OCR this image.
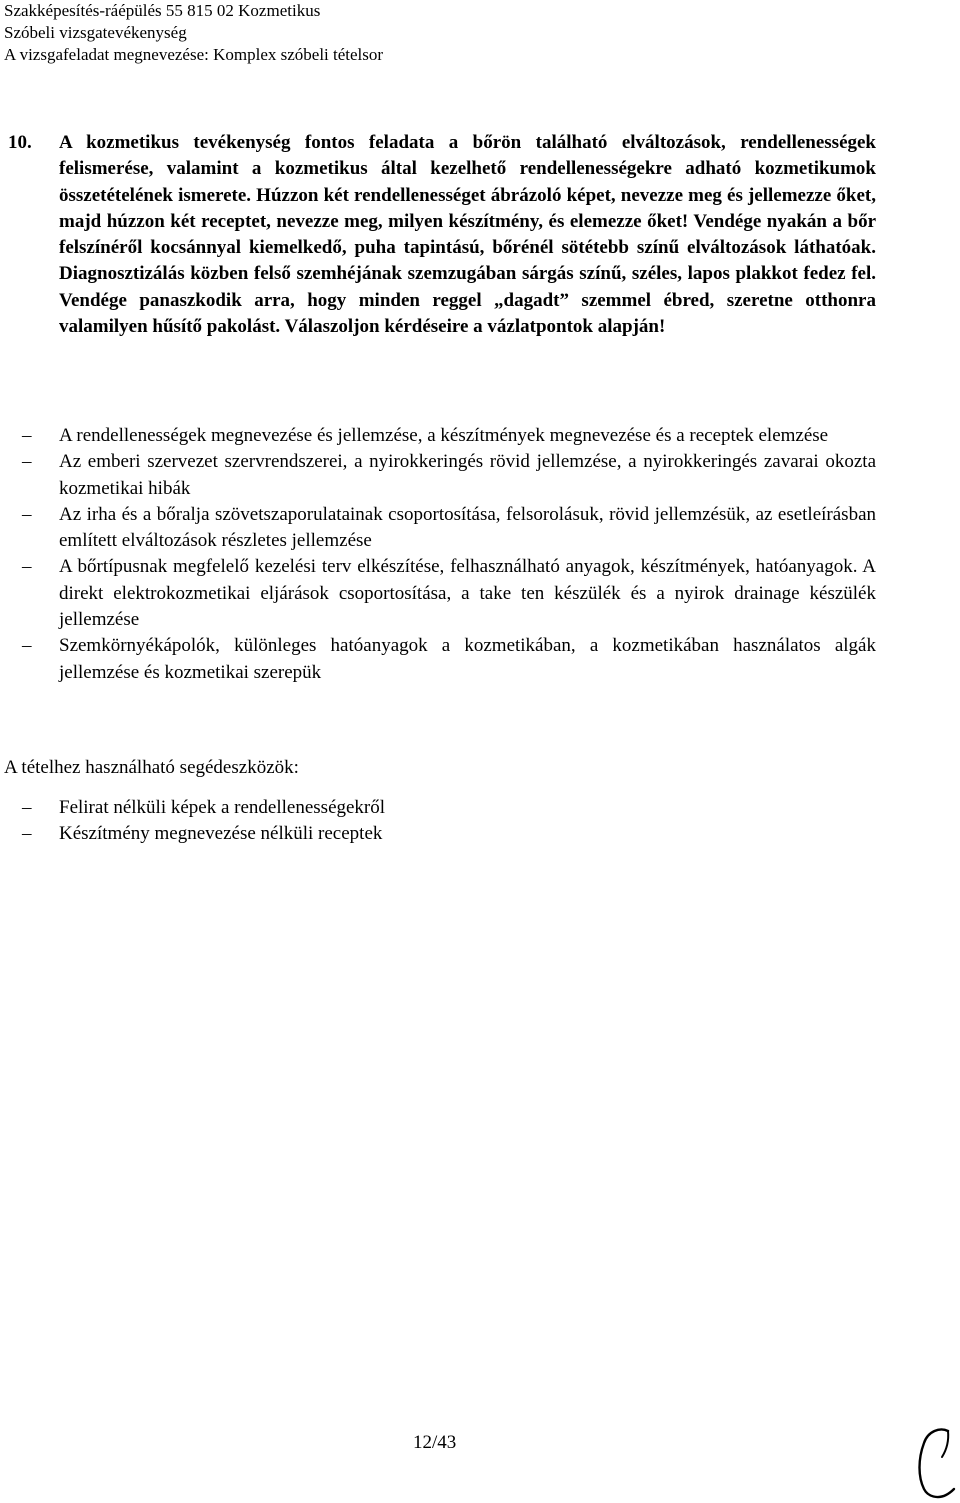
Szakképesítés-ráépülés 55 815 02 Kozmetikus
Szóbeli vizsgatevékenység
A vizsgafeladat megnevezése: Komplex szóbeli tételsor
10. A kozmetikus tevékenység fontos feladata a bőrön található elváltozások, rendellenességek felismerése, valamint a kozmetikus által kezelhető rendellenességekre adható kozmetikumok összetételének ismerete. Húzzon két rendellenességet ábrázoló képet, nevezze meg és jellemezze őket, majd húzzon két receptet, nevezze meg, milyen készítmény, és elemezze őket! Vendége nyakán a bőr felszínéről kocsánnyal kiemelkedő, puha tapintású, bőrénél sötétebb színű elváltozások láthatóak. Diagnosztizálás közben felső szemhéjának szemzugában sárgás színű, széles, lapos plakkot fedez fel. Vendége panaszkodik arra, hogy minden reggel „dagadt” szemmel ébred, szeretne otthonra valamilyen hűsítő pakolást. Válaszoljon kérdéseire a vázlatpontok alapján!
– A rendellenességek megnevezése és jellemzése, a készítmények megnevezése és a receptek elemzése
– Az emberi szervezet szervrendszerei, a nyirokkeringés rövid jellemzése, a nyirokkeringés zavarai okozta kozmetikai hibák
– Az irha és a bőralja szövetszaporulatainak csoportosítása, felsorolásuk, rövid jellemzésük, az esetleírásban említett elváltozások részletes jellemzése
– A bőrtípusnak megfelelő kezelési terv elkészítése, felhasználható anyagok, készítmények, hatóanyagok. A direkt elektrokozmetikai eljárások csoportosítása, a take ten készülék és a nyirok drainage készülék jellemzése
– Szemkörnyékápolók, különleges hatóanyagok a kozmetikában, a kozmetikában használatos algák jellemzése és kozmetikai szerepük
A tételhez használható segédeszközök:
– Felirat nélküli képek a rendellenességekről
– Készítmény megnevezése nélküli receptek
12/43
